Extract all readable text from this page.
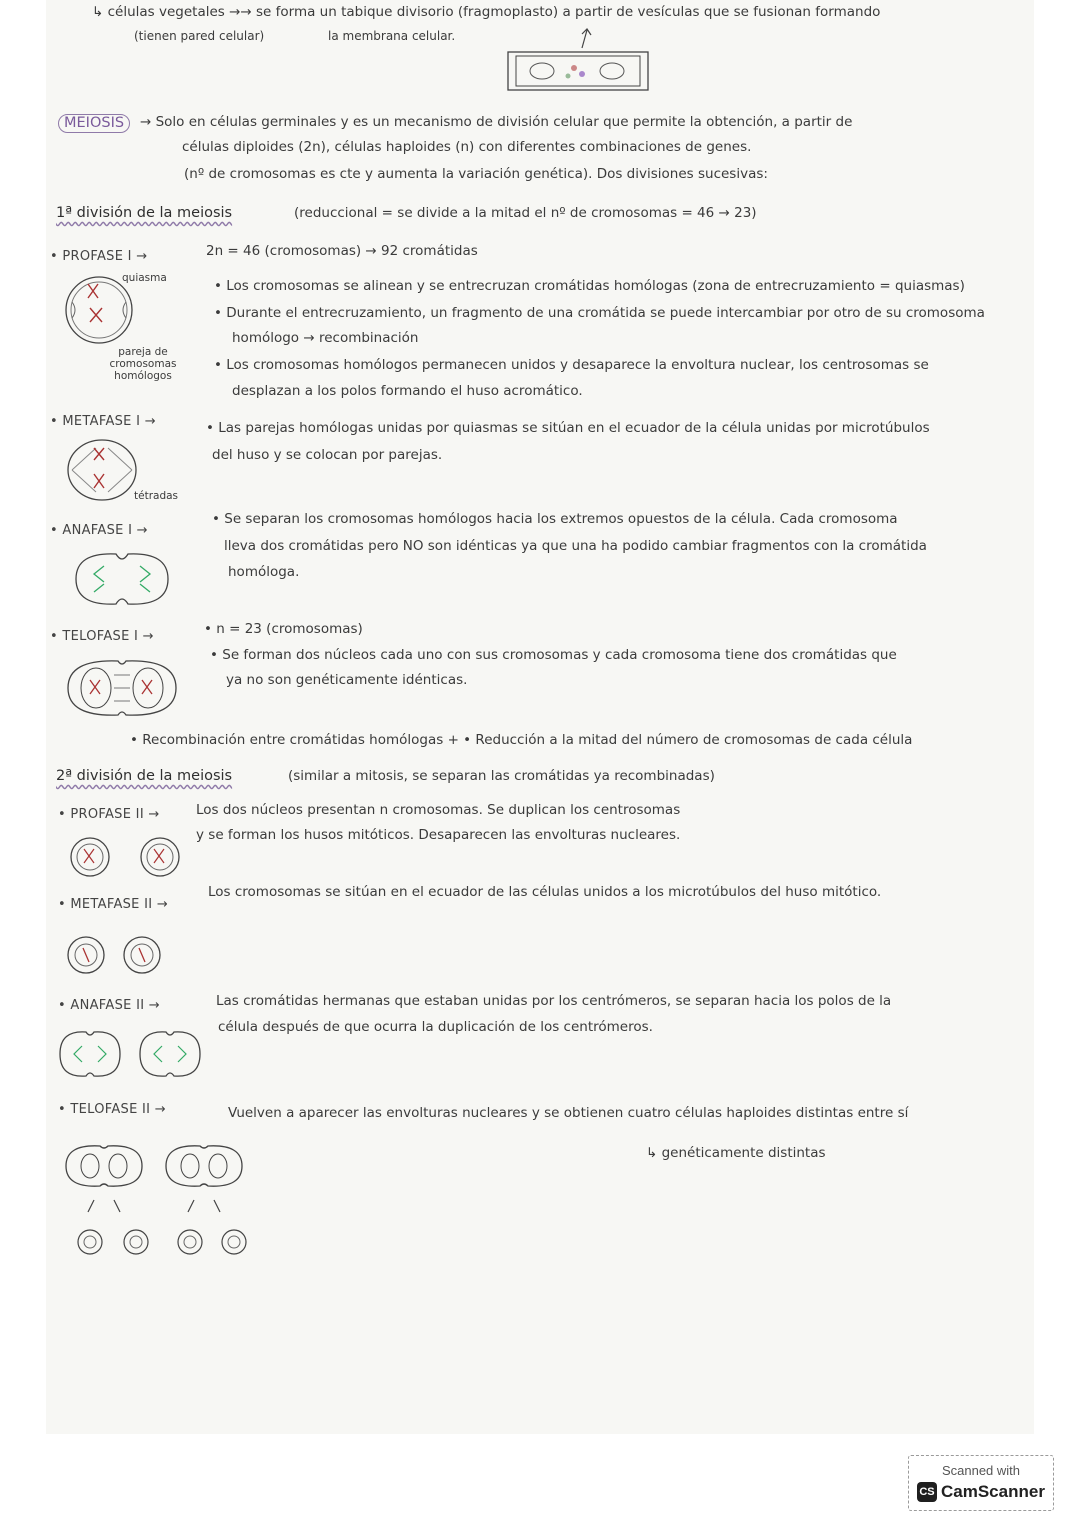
↳ células vegetales →→ se forma un tabique divisorio (fragmoplasto) a partir de vesículas que se fusionan formando
(tienen pared celular)	la membrana celular.
MEIOSIS	→ Solo en células germinales y es un mecanismo de división celular que permite la obtención, a partir de
células diploides (2n), células haploides (n) con diferentes combinaciones de genes.
(nº de cromosomas es cte y aumenta la variación genética). Dos divisiones sucesivas:
1ª división de la meiosis	(reduccional = se divide a la mitad el nº de cromosomas = 46 → 23)
• PROFASE I →	2n = 46 (cromosomas) → 92 cromátidas
• Los cromosomas se alinean y se entrecruzan cromátidas homólogas (zona de entrecruzamiento = quiasmas)
• Durante el entrecruzamiento, un fragmento de una cromátida se puede intercambiar por otro de su cromosoma
homólogo → recombinación
• Los cromosomas homólogos permanecen unidos y desaparece la envoltura nuclear, los centrosomas se
desplazan a los polos formando el huso acromático.
quiasma
pareja de cromosomas homólogos
• METAFASE I →	• Las parejas homólogas unidas por quiasmas se sitúan en el ecuador de la célula unidas por microtúbulos
del huso y se colocan por parejas.
tétradas
• ANAFASE I →
• Se separan los cromosomas homólogos hacia los extremos opuestos de la célula. Cada cromosoma
lleva dos cromátidas pero NO son idénticas ya que una ha podido cambiar fragmentos con la cromátida
homóloga.
• TELOFASE I →	• n = 23 (cromosomas)
• Se forman dos núcleos cada uno con sus cromosomas y cada cromosoma tiene dos cromátidas que
ya no son genéticamente idénticas.
• Recombinación entre cromátidas homólogas + • Reducción a la mitad del número de cromosomas de cada célula
2ª división de la meiosis	(similar a mitosis, se separan las cromátidas ya recombinadas)
• PROFASE II →	Los dos núcleos presentan n cromosomas. Se duplican los centrosomas
y se forman los husos mitóticos. Desaparecen las envolturas nucleares.
• METAFASE II →
Los cromosomas se sitúan en el ecuador de las células unidos a los microtúbulos del huso mitótico.
• ANAFASE II →	Las cromátidas hermanas que estaban unidas por los centrómeros, se separan hacia los polos de la
célula después de que ocurra la duplicación de los centrómeros.
• TELOFASE II →	Vuelven a aparecer las envolturas nucleares y se obtienen cuatro células haploides distintas entre sí
↳ genéticamente distintas
Scanned with
CS CamScanner
